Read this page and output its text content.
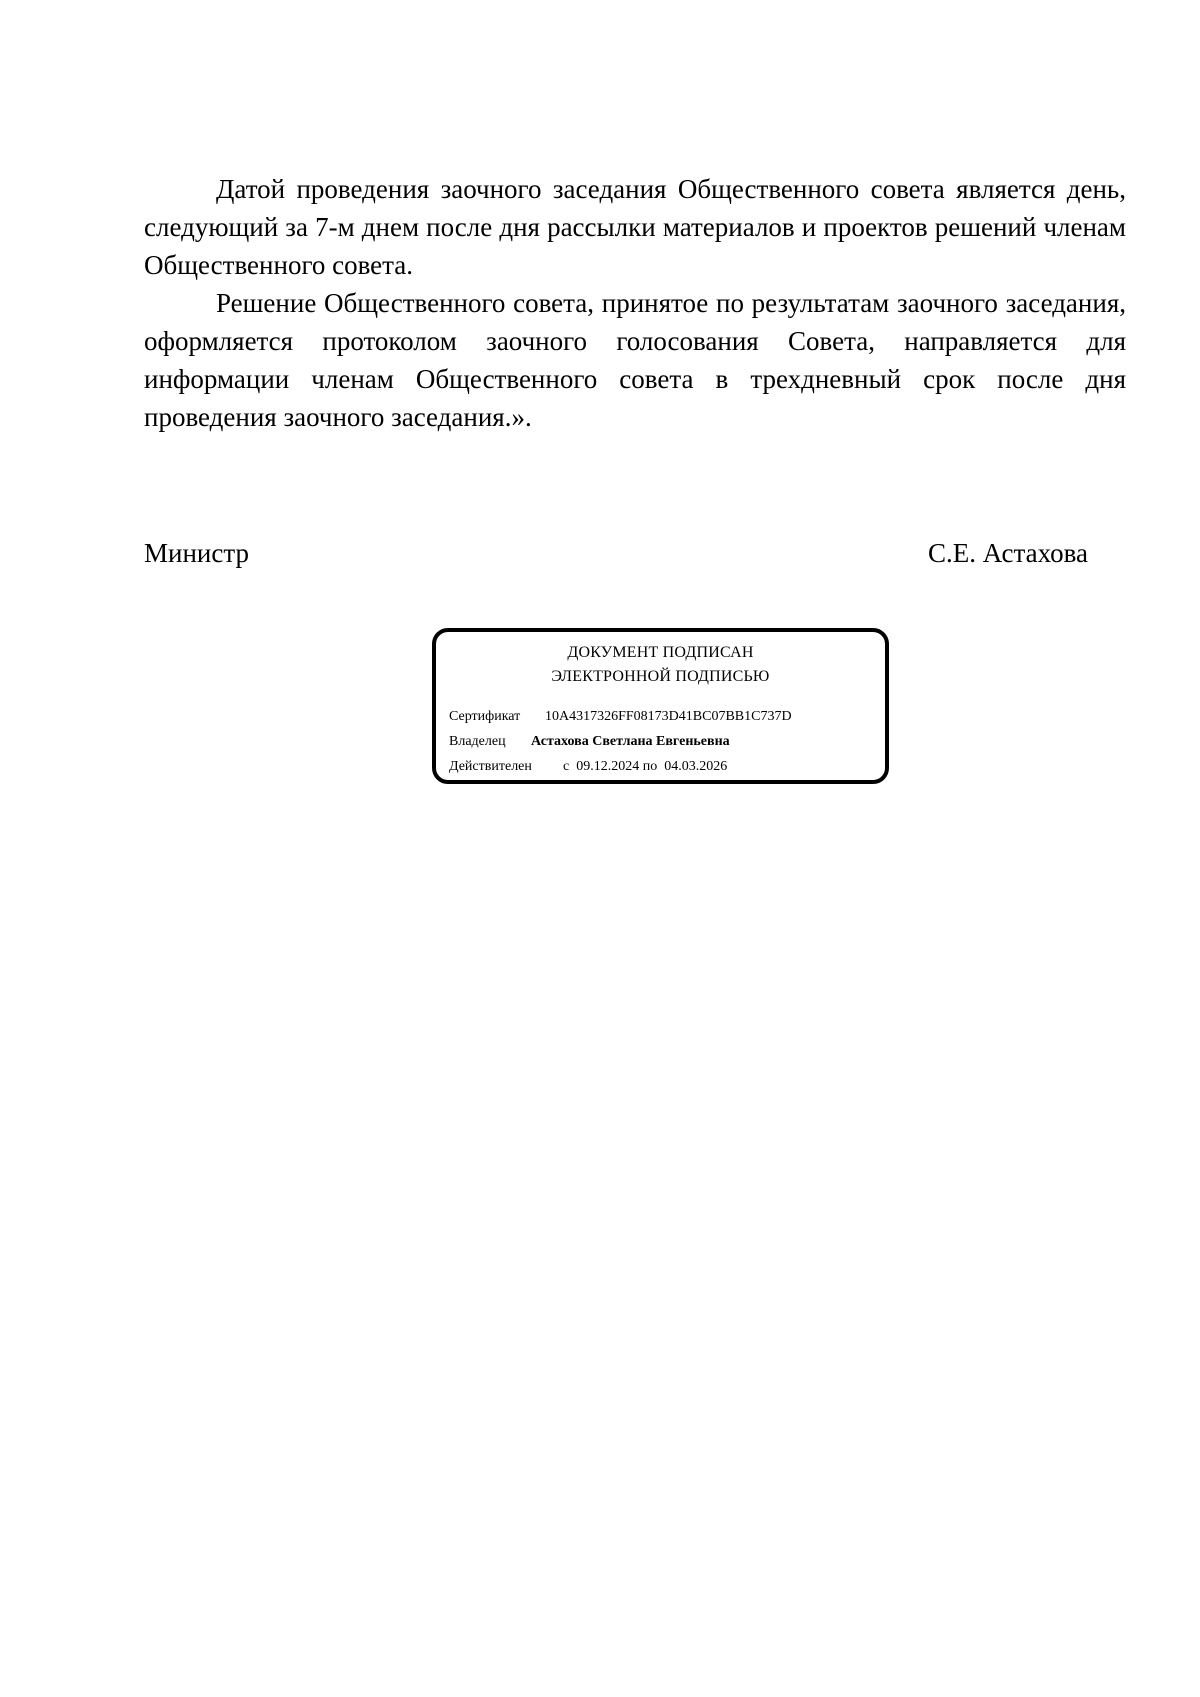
Датой проведения заочного заседания Общественного совета является день, следующий за 7-м днем после дня рассылки материалов и проектов решений членам Общественного совета.

Решение Общественного совета, принятое по результатам заочного заседания, оформляется протоколом заочного голосования Совета, направляется для информации членам Общественного совета в трехдневный срок после дня проведения заочного заседания.».

Министр	С.Е. Астахова
ДОКУМЕНТ ПОДПИСАН
ЭЛЕКТРОННОЙ ПОДПИСЬЮ
Сертификат 10A4317326FF08173D41BC07BB1C737D
Владелец Астахова Светлана Евгеньевна
Действителен с 09.12.2024 по 04.03.2026
